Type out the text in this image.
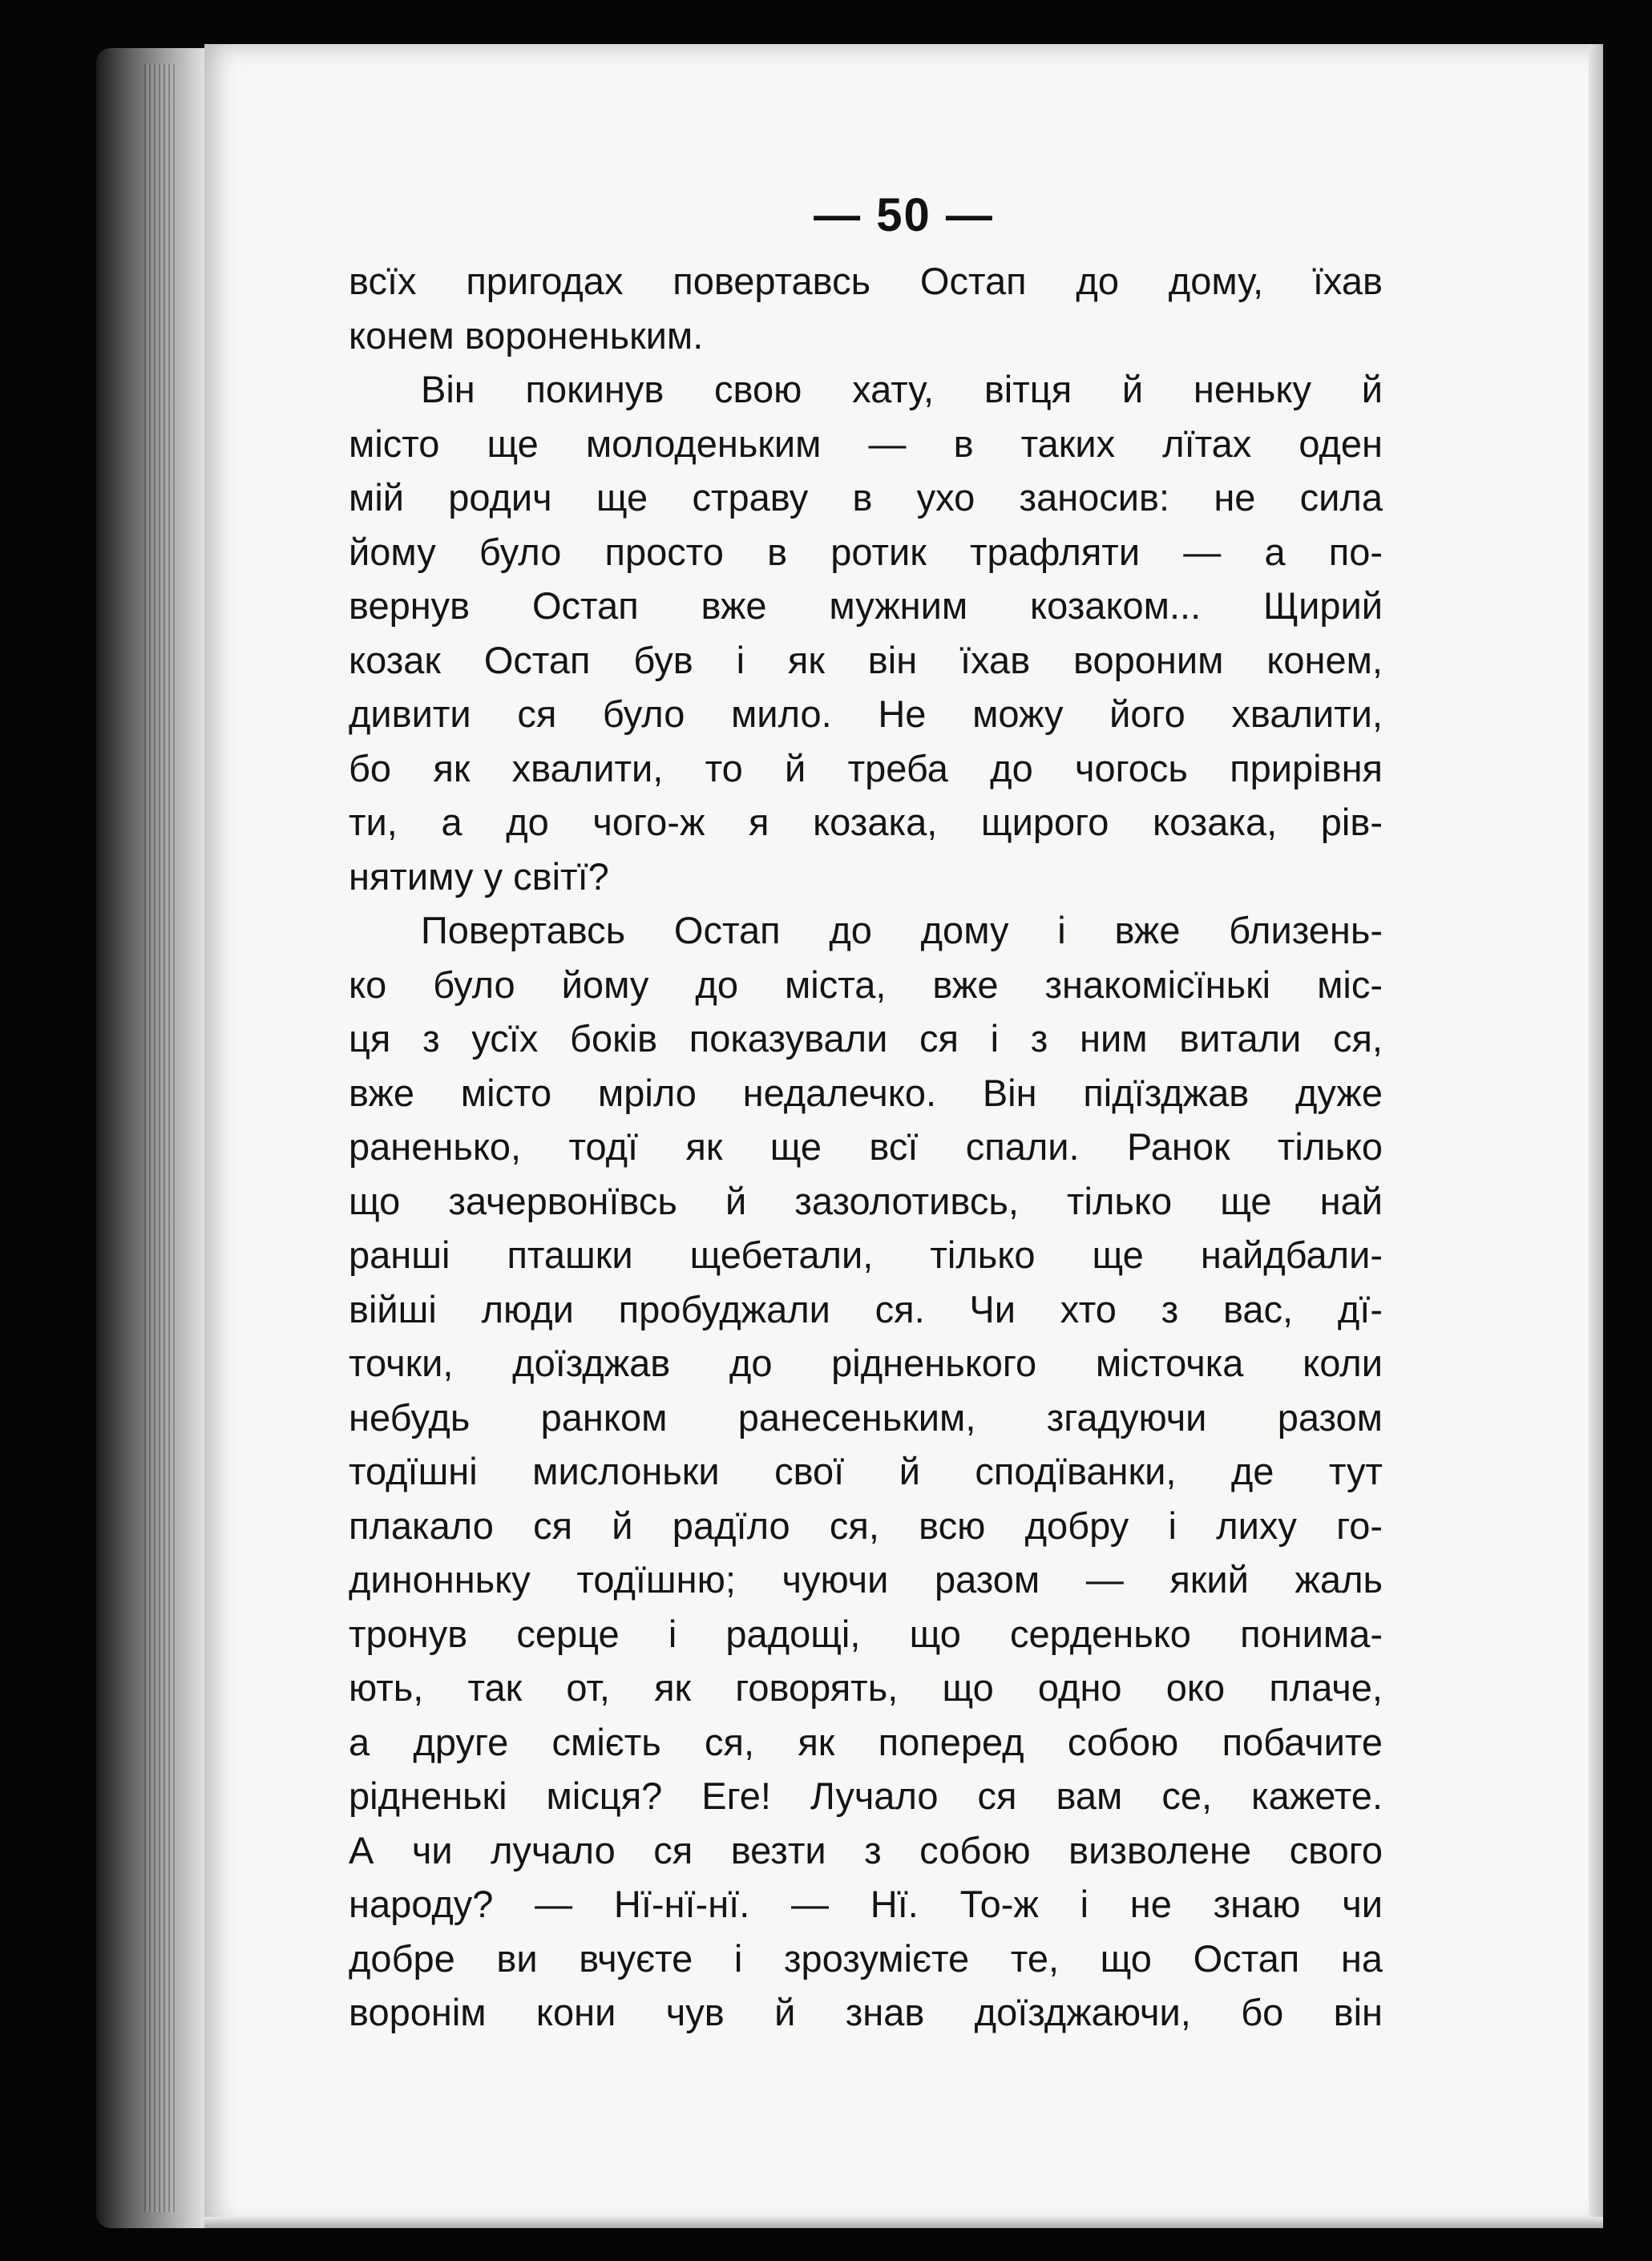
— 50 —
всїх пригодах повертавсь Остап до дому, їхав
конем вороненьким.
Він покинув свою хату, вітця й неньку й
місто ще молоденьким — в таких лїтах оден
мій родич ще страву в ухо заносив: не сила
йому було просто в ротик трафляти — а по-
вернув Остап вже мужним козаком... Щирий
козак Остап був і як він їхав вороним конем,
дивити ся було мило. Не можу його хвалити,
бо як хвалити, то й треба до чогось прирівня
ти, а до чого-ж я козака, щирого козака, рів-
нятиму у світї?
Повертавсь Остап до дому і вже близень-
ко було йому до міста, вже знакомісїнькі міс-
ця з усїх боків показували ся і з ним витали ся,
вже місто мріло недалечко. Він підїзджав дуже
раненько, тодї як ще всї спали. Ранок тілько
що зачервонївсь й зазолотивсь, тілько ще най
ранші пташки щебетали, тілько ще найдбали-
війші люди пробуджали ся. Чи хто з вас, дї-
точки, доїзджав до рідненького місточка коли
небудь ранком ранесеньким, згадуючи разом
тодїшні мислоньки свої й сподїванки, де тут
плакало ся й радїло ся, всю добру і лиху го-
динонньку тодїшню; чуючи разом — який жаль
тронув серце і радощі, що серденько понима-
ють, так от, як говорять, що одно око плаче,
а друге смієть ся, як поперед собою побачите
рідненькі місця? Еге! Лучало ся вам се, кажете.
А чи лучало ся везти з собою визволене свого
народу? — Нї-нї-нї. — Нї. То-ж і не знаю чи
добре ви вчуєте і зрозумієте те, що Остап на
воронім кони чув й знав доїзджаючи, бо він
